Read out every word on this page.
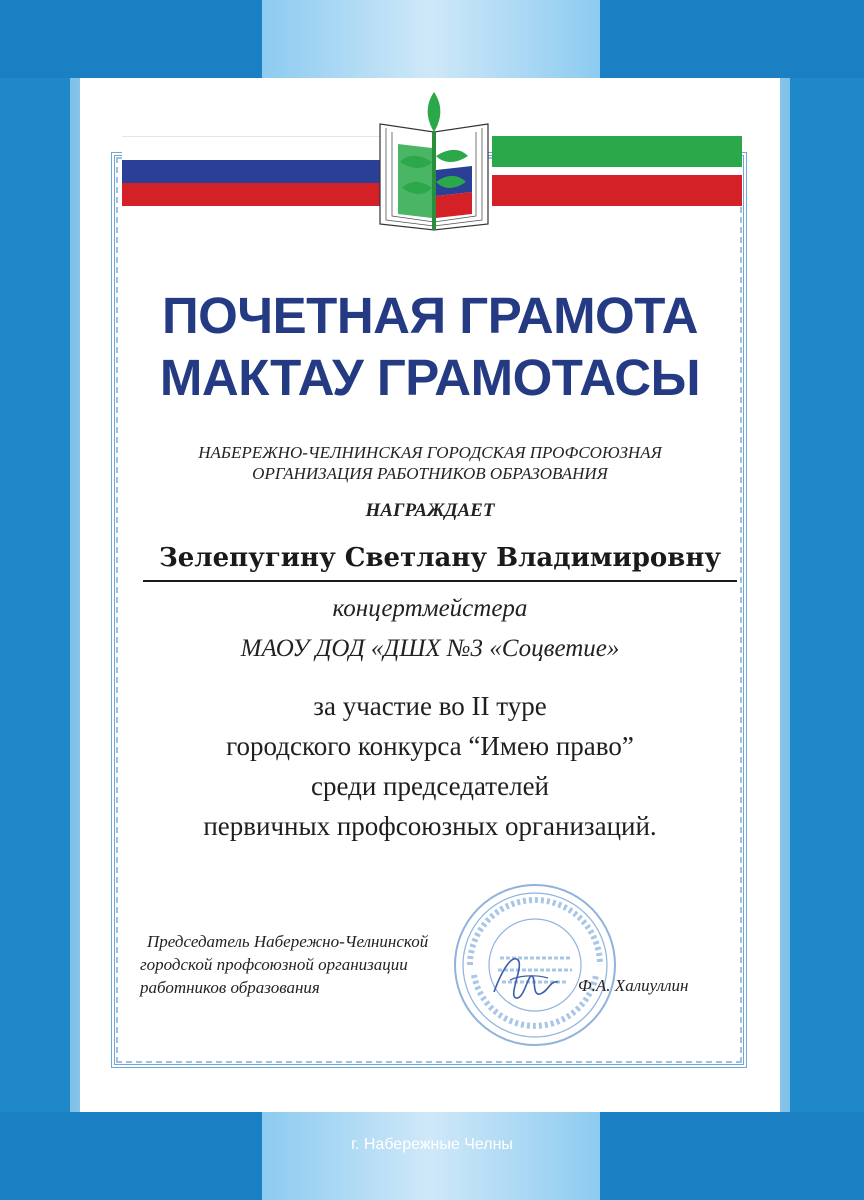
ПОЧЕТНАЯ ГРАМОТА
МАКТАУ ГРАМОТАСЫ
НАБЕРЕЖНО-ЧЕЛНИНСКАЯ ГОРОДСКАЯ ПРОФСОЮЗНАЯ
ОРГАНИЗАЦИЯ РАБОТНИКОВ ОБРАЗОВАНИЯ
НАГРАЖДАЕТ
Зелепугину Светлану Владимировну
концертмейстера
МАОУ ДОД «ДШХ №3 «Соцветие»
за участие во II туре
городского конкурса “Имею право”
среди председателей
первичных профсоюзных организаций.
Председатель Набережно-Челнинской
городской профсоюзной организации
работников образования	Ф.А. Халиуллин
г. Набережные Челны
